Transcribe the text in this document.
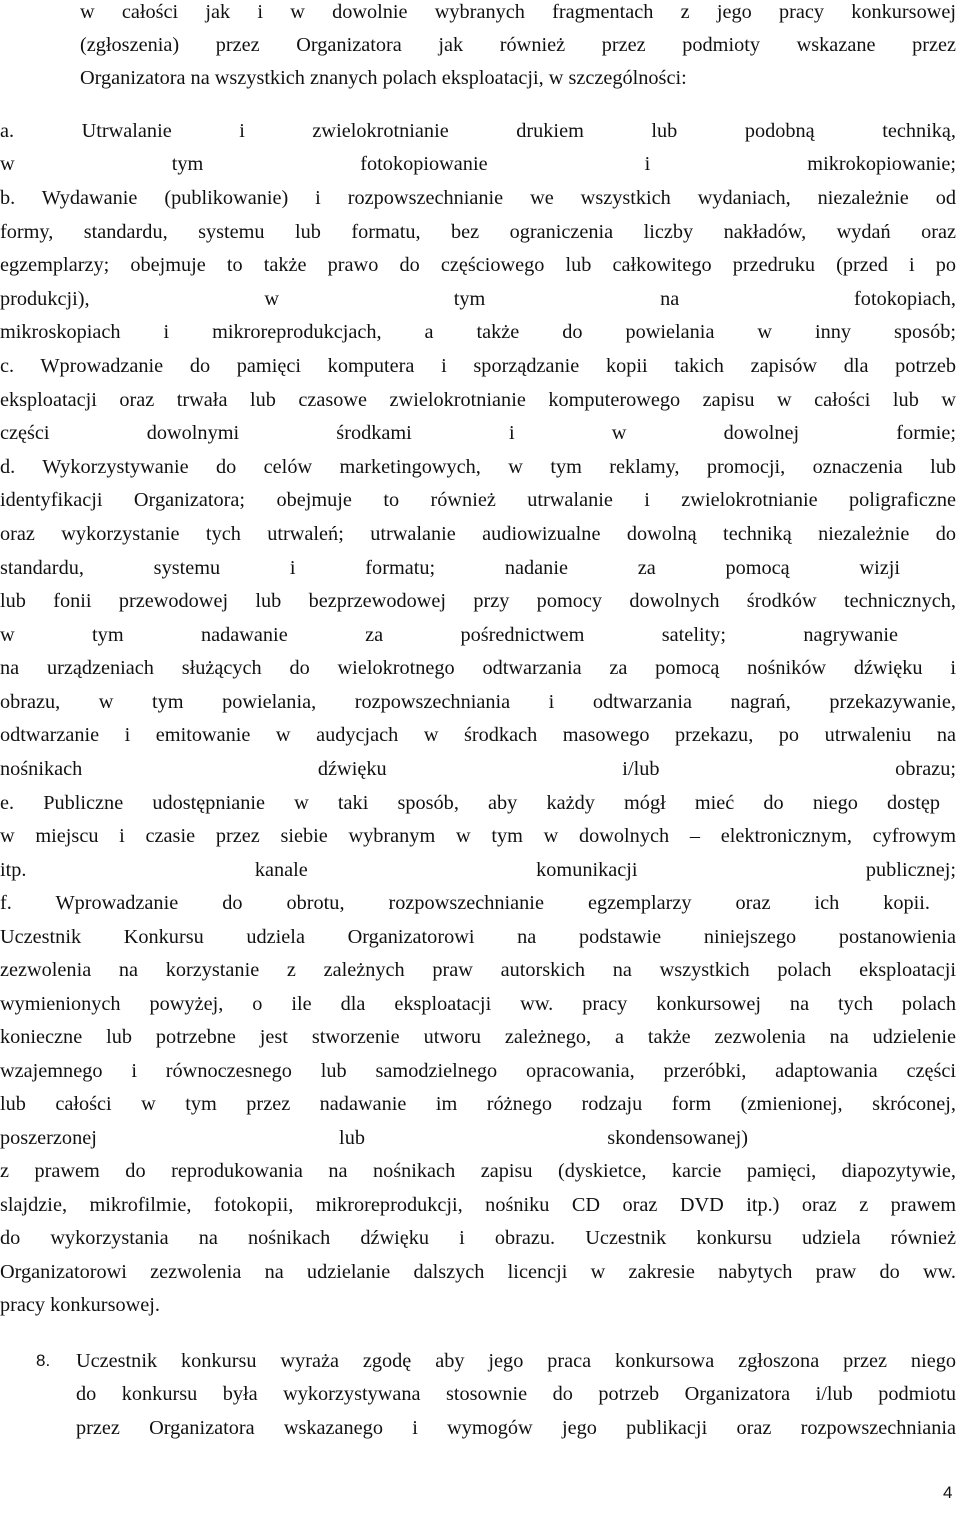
w całości jak i w dowolnie wybranych fragmentach z jego pracy konkursowej
(zgłoszenia) przez Organizatora jak również przez podmioty wskazane przez
Organizatora na wszystkich znanych polach eksploatacji, w szczególności:
a. Utrwalanie i zwielokrotnianie drukiem lub podobną techniką,
w tym fotokopiowanie i mikrokopiowanie;
b. Wydawanie (publikowanie) i rozpowszechnianie we wszystkich wydaniach, niezależnie od
formy, standardu, systemu lub formatu, bez ograniczenia liczby nakładów, wydań oraz
egzemplarzy; obejmuje to także prawo do częściowego lub całkowitego przedruku (przed i po
produkcji), w tym na fotokopiach,
mikroskopiach i mikroreprodukcjach, a także do powielania w inny sposób;
c. Wprowadzanie do pamięci komputera i sporządzanie kopii takich zapisów dla potrzeb
eksploatacji oraz trwała lub czasowe zwielokrotnianie komputerowego zapisu w całości lub w
części dowolnymi środkami i w dowolnej formie;
d. Wykorzystywanie do celów marketingowych, w tym reklamy, promocji, oznaczenia lub
identyfikacji Organizatora; obejmuje to również utrwalanie i zwielokrotnianie poligraficzne
oraz wykorzystanie tych utrwaleń; utrwalanie audiowizualne dowolną techniką niezależnie do
standardu, systemu i formatu; nadanie za pomocą wizji
lub fonii przewodowej lub bezprzewodowej przy pomocy dowolnych środków technicznych,
w tym nadawanie za pośrednictwem satelity; nagrywanie
na urządzeniach służących do wielokrotnego odtwarzania za pomocą nośników dźwięku i
obrazu, w tym powielania, rozpowszechniania i odtwarzania nagrań, przekazywanie,
odtwarzanie i emitowanie w audycjach w środkach masowego przekazu, po utrwaleniu na
nośnikach dźwięku i/lub obrazu;
e. Publiczne udostępnianie w taki sposób, aby każdy mógł mieć do niego dostęp
w miejscu i czasie przez siebie wybranym w tym w dowolnych – elektronicznym, cyfrowym
itp. kanale komunikacji publicznej;
f. Wprowadzanie do obrotu, rozpowszechnianie egzemplarzy oraz ich kopii.
Uczestnik Konkursu udziela Organizatorowi na podstawie niniejszego postanowienia
zezwolenia na korzystanie z zależnych praw autorskich na wszystkich polach eksploatacji
wymienionych powyżej, o ile dla eksploatacji ww. pracy konkursowej na tych polach
konieczne lub potrzebne jest stworzenie utworu zależnego, a także zezwolenia na udzielenie
wzajemnego i równoczesnego lub samodzielnego opracowania, przeróbki, adaptowania części
lub całości w tym przez nadawanie im różnego rodzaju form (zmienionej, skróconej,
poszerzonej lub skondensowanej)
z prawem do reprodukowania na nośnikach zapisu (dyskietce, karcie pamięci, diapozytywie,
slajdzie, mikrofilmie, fotokopii, mikroreprodukcji, nośniku CD oraz DVD itp.) oraz z prawem
do wykorzystania na nośnikach dźwięku i obrazu. Uczestnik konkursu udziela również
Organizatorowi zezwolenia na udzielanie dalszych licencji w zakresie nabytych praw do ww.
pracy konkursowej.
8. Uczestnik konkursu wyraża zgodę aby jego praca konkursowa zgłoszona przez niego
do konkursu była wykorzystywana stosownie do potrzeb Organizatora i/lub podmiotu
przez Organizatora wskazanego i wymogów jego publikacji oraz rozpowszechniania
4
